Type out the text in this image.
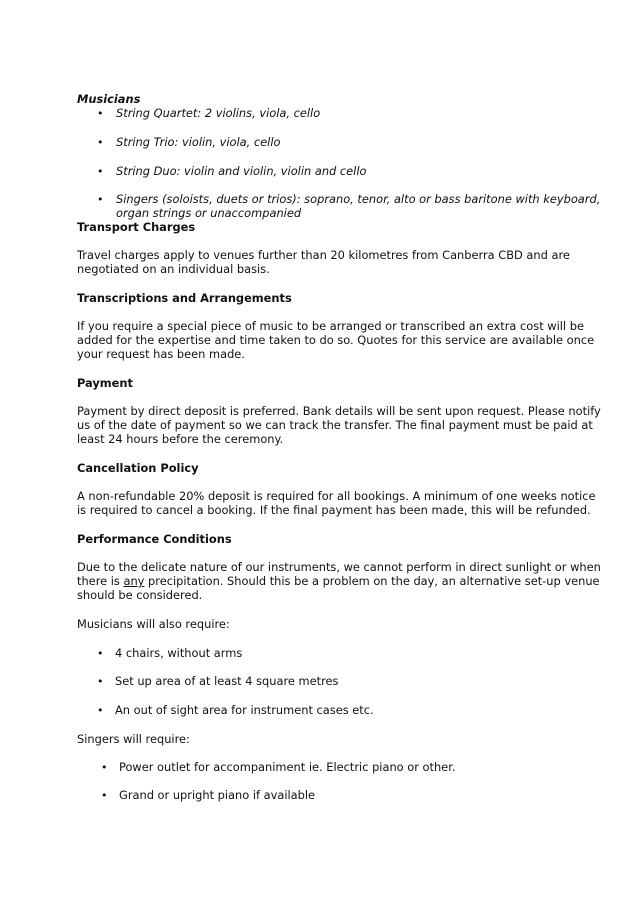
Musicians
• String Quartet: 2 violins, viola, cello
• String Trio: violin, viola, cello
• String Duo: violin and violin, violin and cello
• Singers (soloists, duets or trios): soprano, tenor, alto or bass baritone with keyboard,
organ strings or unaccompanied
Transport Charges
Travel charges apply to venues further than 20 kilometres from Canberra CBD and are
negotiated on an individual basis.
Transcriptions and Arrangements
If you require a special piece of music to be arranged or transcribed an extra cost will be
added for the expertise and time taken to do so. Quotes for this service are available once
your request has been made.
Payment
Payment by direct deposit is preferred. Bank details will be sent upon request. Please notify
us of the date of payment so we can track the transfer. The final payment must be paid at
least 24 hours before the ceremony.
Cancellation Policy
A non-refundable 20% deposit is required for all bookings. A minimum of one weeks notice
is required to cancel a booking. If the final payment has been made, this will be refunded.
Performance Conditions
Due to the delicate nature of our instruments, we cannot perform in direct sunlight or when
there is any precipitation. Should this be a problem on the day, an alternative set-up venue
should be considered.
Musicians will also require:
• 4 chairs, without arms
• Set up area of at least 4 square metres
• An out of sight area for instrument cases etc.
Singers will require:
• Power outlet for accompaniment ie. Electric piano or other.
• Grand or upright piano if available
